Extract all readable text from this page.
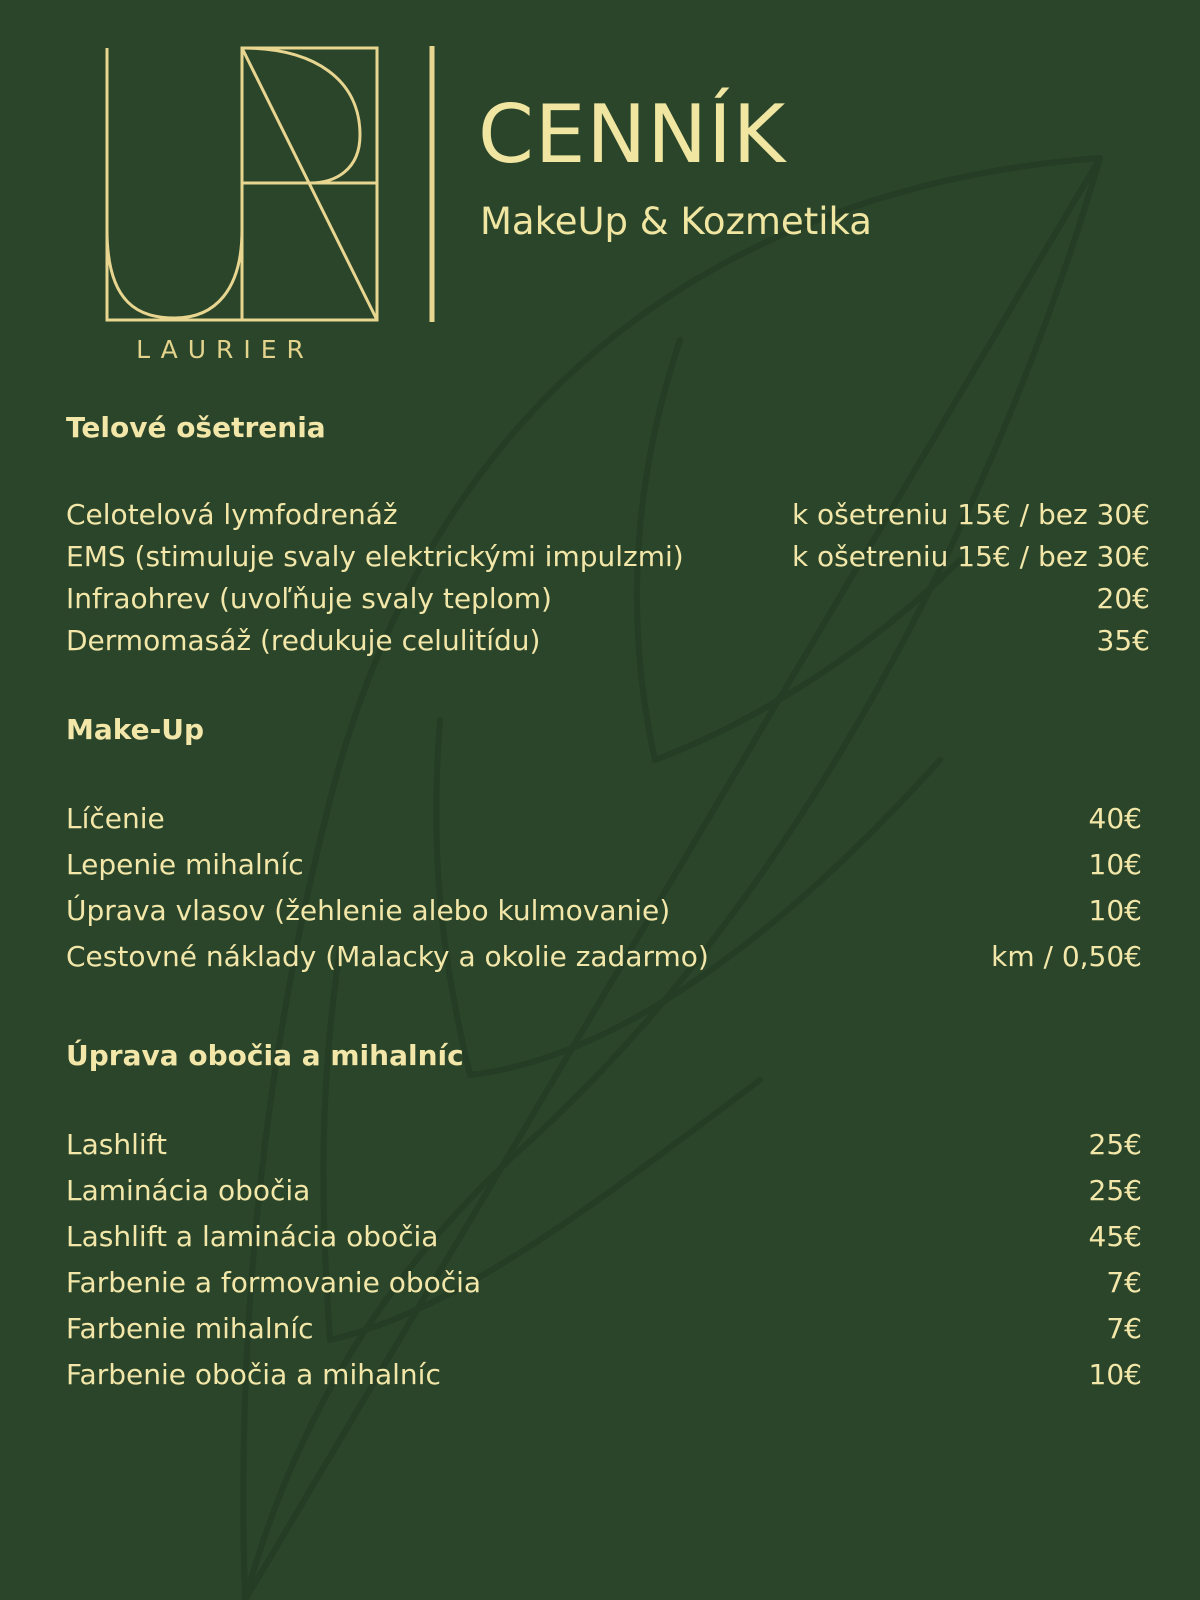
LAURIER
CENNÍK
MakeUp & Kozmetika
Telové ošetrenia
Celotelová lymfodrenáž	k ošetreniu 15€ / bez 30€
EMS (stimuluje svaly elektrickými impulzmi)	k ošetreniu 15€ / bez 30€
Infraohrev (uvoľňuje svaly teplom)	20€
Dermomasáž (redukuje celulitídu)	35€
Make-Up
Líčenie	40€
Lepenie mihalníc	10€
Úprava vlasov (žehlenie alebo kulmovanie)	10€
Cestovné náklady (Malacky a okolie zadarmo)	km / 0,50€
Úprava obočia a mihalníc
Lashlift	25€
Laminácia obočia	25€
Lashlift a laminácia obočia	45€
Farbenie a formovanie obočia	7€
Farbenie mihalníc	7€
Farbenie obočia a mihalníc	10€
